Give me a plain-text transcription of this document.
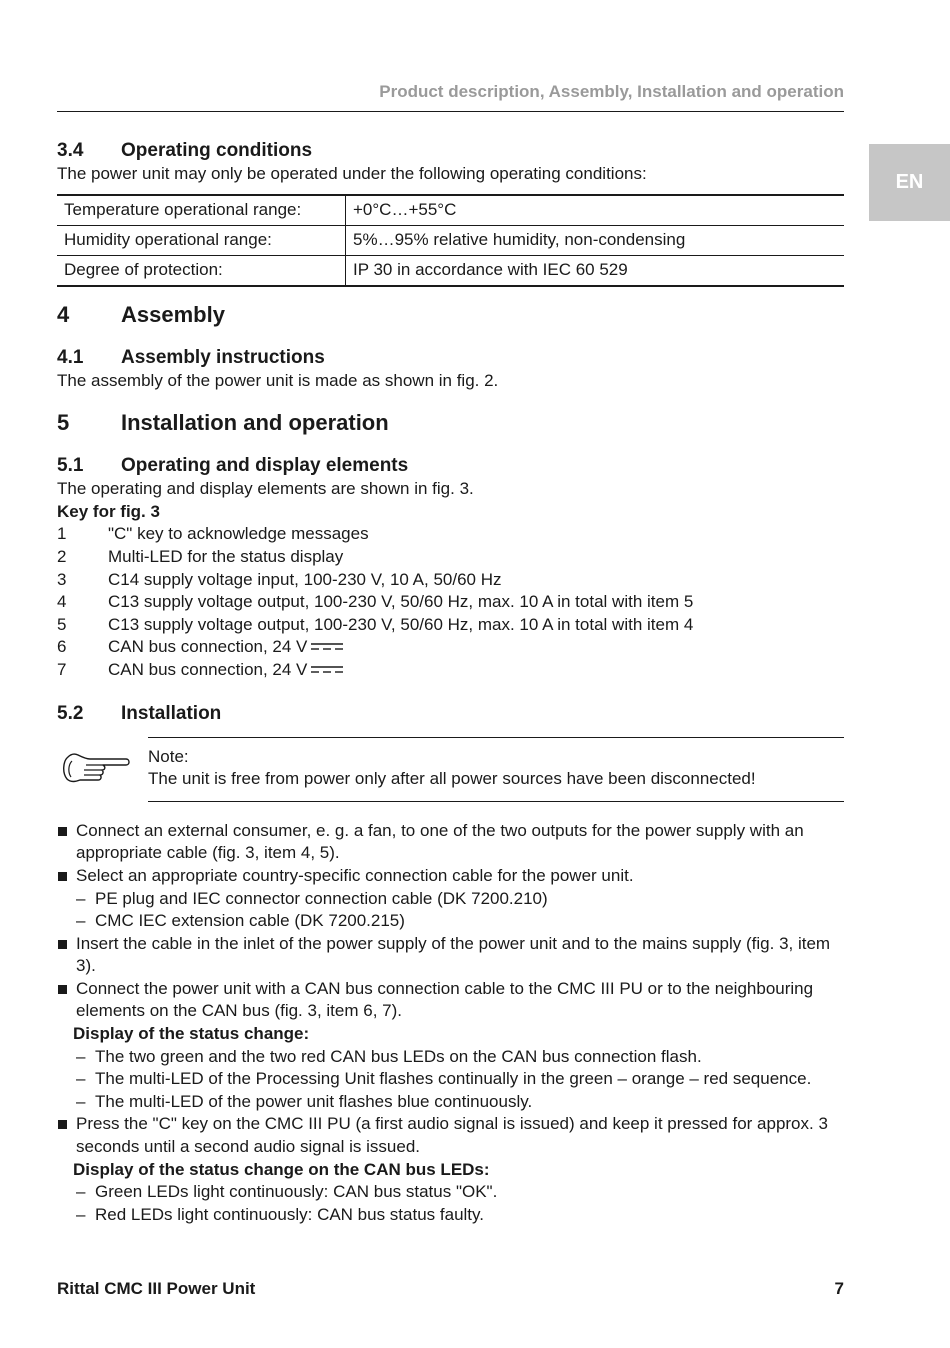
Product description, Assembly, Installation and operation
EN
3.4	Operating conditions

The power unit may only be operated under the following operating conditions:

Temperature operational range:	+0°C…+55°C
Humidity operational range:	5%…95% relative humidity, non-condensing
Degree of protection:	IP 30 in accordance with IEC 60 529
4	Assembly
4.1	Assembly instructions

The assembly of the power unit is made as shown in fig. 2.

5	Installation and operation
5.1	Operating and display elements

The operating and display elements are shown in fig. 3.

Key for fig. 3

1	"C" key to acknowledge messages
2	Multi-LED for the status display
3	C14 supply voltage input, 100-230 V, 10 A, 50/60 Hz
4	C13 supply voltage output, 100-230 V, 50/60 Hz, max. 10 A in total with item 5
5	C13 supply voltage output, 100-230 V, 50/60 Hz, max. 10 A in total with item 4
6	CAN bus connection, 24 V
7	CAN bus connection, 24 V
5.2	Installation
Note:
The unit is free from power only after all power sources have been disconnected!
Connect an external consumer, e. g. a fan, to one of the two outputs for the power supply with an appropriate cable (fig. 3, item 4, 5).
Select an appropriate country-specific connection cable for the power unit.
– PE plug and IEC connector connection cable (DK 7200.210)
– CMC IEC extension cable (DK 7200.215)
Insert the cable in the inlet of the power supply of the power unit and to the mains supply (fig. 3, item 3).
Connect the power unit with a CAN bus connection cable to the CMC III PU or to the neighbouring elements on the CAN bus (fig. 3, item 6, 7).
Display of the status change:
– The two green and the two red CAN bus LEDs on the CAN bus connection flash.
– The multi-LED of the Processing Unit flashes continually in the green – orange – red sequence.
– The multi-LED of the power unit flashes blue continuously.
Press the "C" key on the CMC III PU (a first audio signal is issued) and keep it pressed for approx. 3 seconds until a second audio signal is issued.
Display of the status change on the CAN bus LEDs:
– Green LEDs light continuously: CAN bus status "OK".
– Red LEDs light continuously: CAN bus status faulty.
Rittal CMC III Power Unit	7
